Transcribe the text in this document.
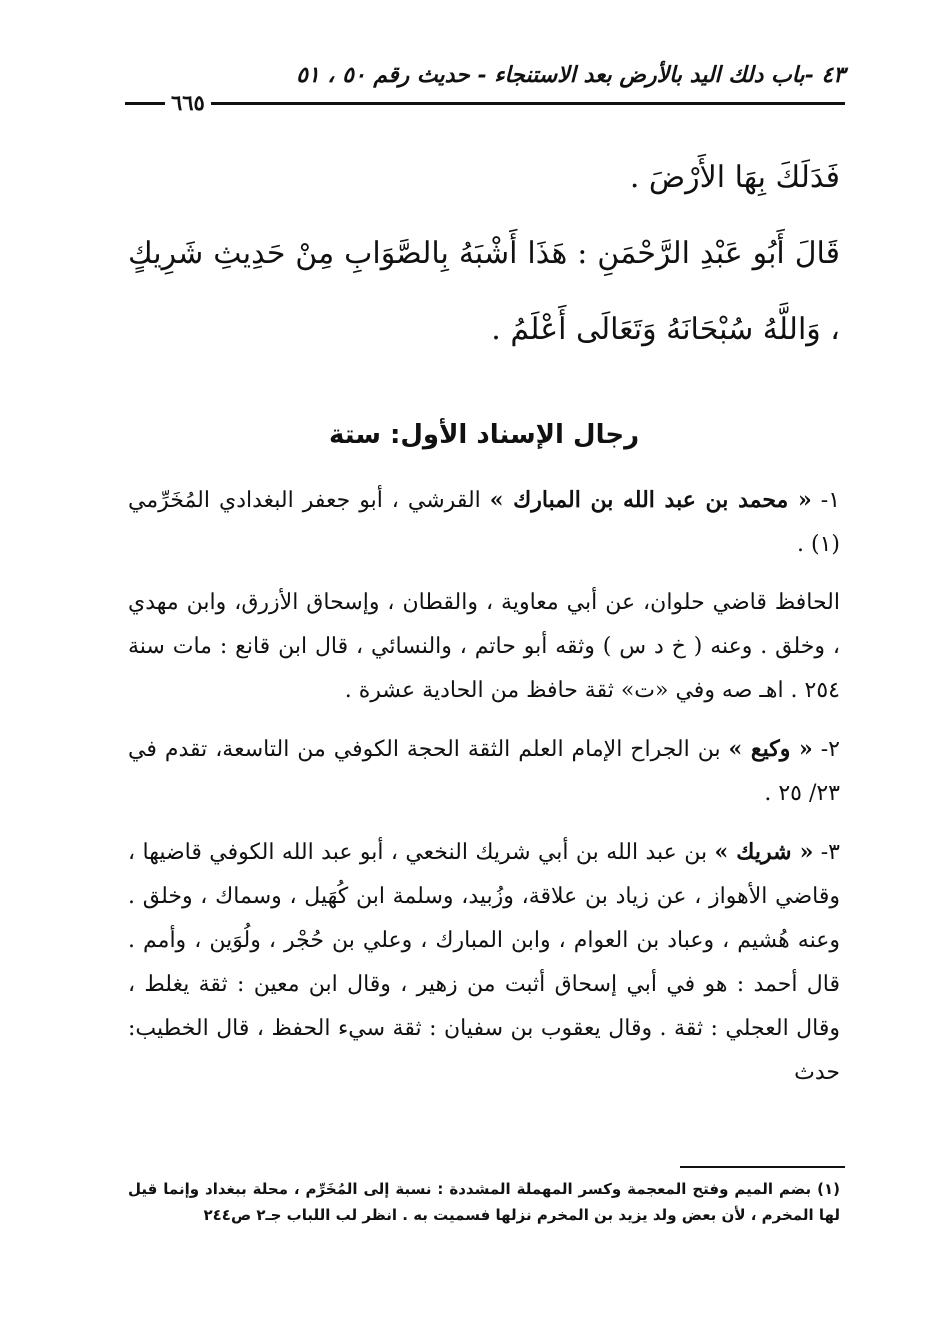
٤٣ -باب دلك اليد بالأرض بعد الاستنجاء - حديث رقم ٥٠ ، ٥١
٦٦٥

فَدَلَكَ بِهَا الأَرْضَ .

قَالَ أَبُو عَبْدِ الرَّحْمَنِ : هَذَا أَشْبَهُ بِالصَّوَابِ مِنْ حَدِيثِ شَرِيكٍ ، وَاللَّهُ سُبْحَانَهُ وَتَعَالَى أَعْلَمُ .

رجال الإسناد الأول: ستة

١- « محمد بن عبد الله بن المبارك » القرشي ، أبو جعفر البغدادي المُخَرِّمي (١) .

الحافظ قاضي حلوان، عن أبي معاوية ، والقطان ، وإسحاق الأزرق، وابن مهدي ، وخلق . وعنه ( خ د س ) وثقه أبو حاتم ، والنسائي ، قال ابن قانع : مات سنة ٢٥٤ . اهـ صه وفي «ت» ثقة حافظ من الحادية عشرة .

٢- « وكيع » بن الجراح الإمام العلم الثقة الحجة الكوفي من التاسعة، تقدم في ٢٣/ ٢٥ .

٣- « شريك » بن عبد الله بن أبي شريك النخعي ، أبو عبد الله الكوفي قاضيها ، وقاضي الأهواز ، عن زياد بن علاقة، وزُبيد، وسلمة ابن كُهَيل ، وسماك ، وخلق . وعنه هُشيم ، وعباد بن العوام ، وابن المبارك ، وعلي بن حُجْر ، ولُوَين ، وأمم . قال أحمد : هو في أبي إسحاق أثبت من زهير ، وقال ابن معين : ثقة يغلط ، وقال العجلي : ثقة . وقال يعقوب بن سفيان : ثقة سيء الحفظ ، قال الخطيب: حدث

(١) بضم الميم وفتح المعجمة وكسر المهملة المشددة : نسبة إلى المُخَرِّم ، محلة ببغداد وإنما قيل لها المخرم ، لأن بعض ولد يزيد بن المخرم نزلها فسميت به . انظر لب اللباب جـ٢ ص٢٤٤
